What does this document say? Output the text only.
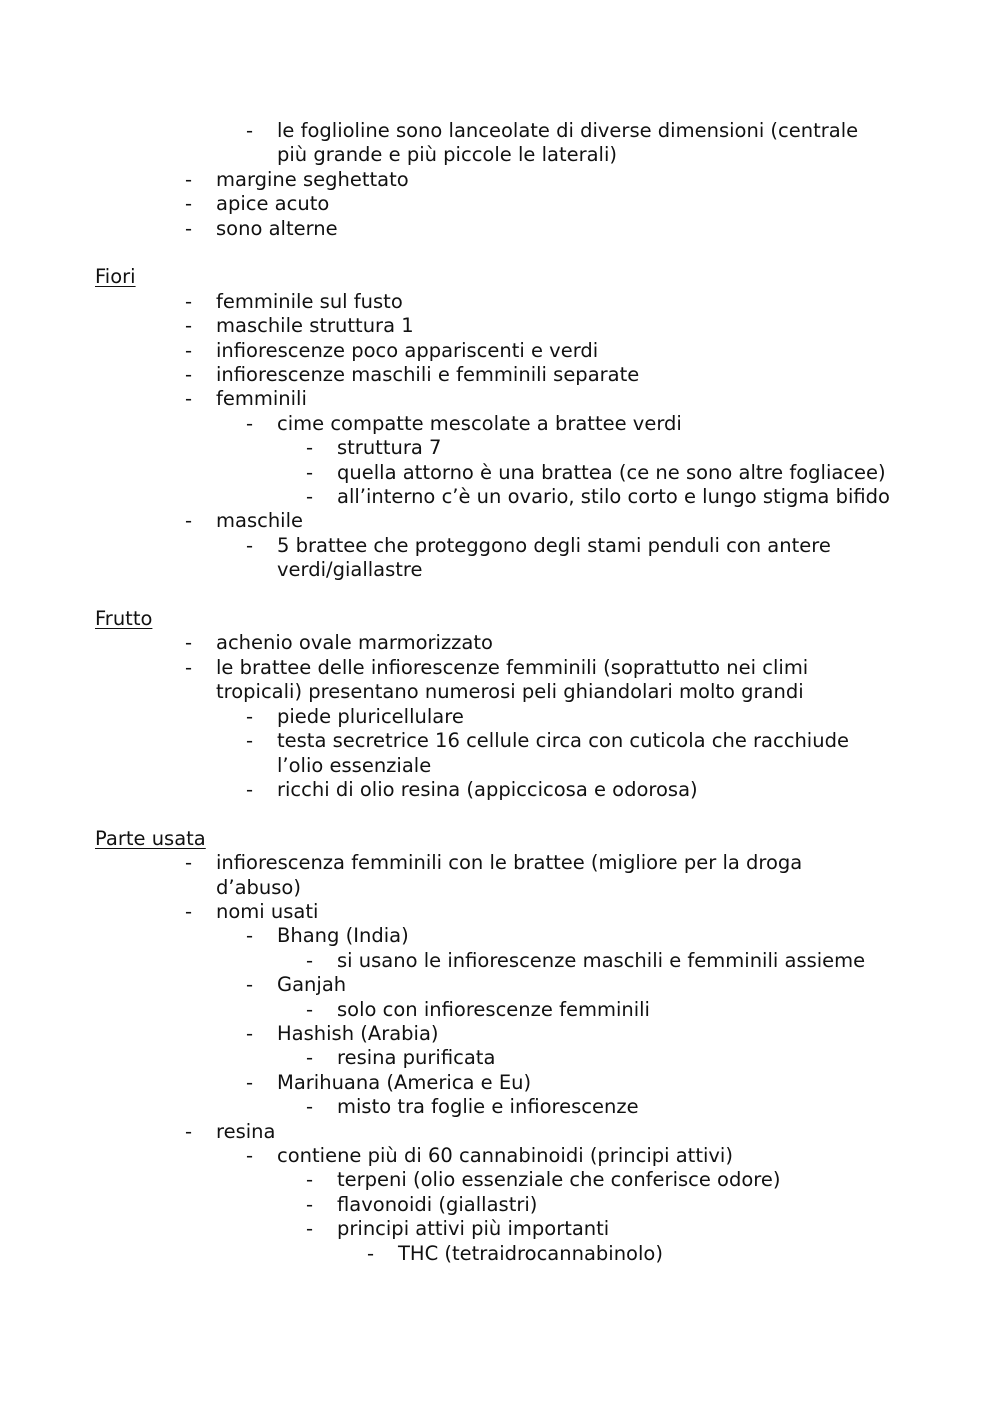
- le foglioline sono lanceolate di diverse dimensioni (centrale più grande e più piccole le laterali)
- margine seghettato
- apice acuto
- sono alterne
Fiori
- femminile sul fusto
- maschile struttura 1
- infiorescenze poco appariscenti e verdi
- infiorescenze maschili e femminili separate
- femminili
- cime compatte mescolate a brattee verdi
- struttura 7
- quella attorno è una brattea (ce ne sono altre fogliacee)
- all’interno c’è un ovario, stilo corto e lungo stigma bifido
- maschile
- 5 brattee che proteggono degli stami penduli con antere verdi/giallastre
Frutto
- achenio ovale marmorizzato
- le brattee delle infiorescenze femminili (soprattutto nei climi tropicali) presentano numerosi peli ghiandolari molto grandi
- piede pluricellulare
- testa secretrice 16 cellule circa con cuticola che racchiude l’olio essenziale
- ricchi di olio resina (appiccicosa e odorosa)
Parte usata
- infiorescenza femminili con le brattee (migliore per la droga d’abuso)
- nomi usati
- Bhang (India)
- si usano le infiorescenze maschili e femminili assieme
- Ganjah
- solo con infiorescenze femminili
- Hashish (Arabia)
- resina purificata
- Marihuana (America e Eu)
- misto tra foglie e infiorescenze
- resina
- contiene più di 60 cannabinoidi (principi attivi)
- terpeni (olio essenziale che conferisce odore)
- flavonoidi (giallastri)
- principi attivi più importanti
- THC (tetraidrocannabinolo)
